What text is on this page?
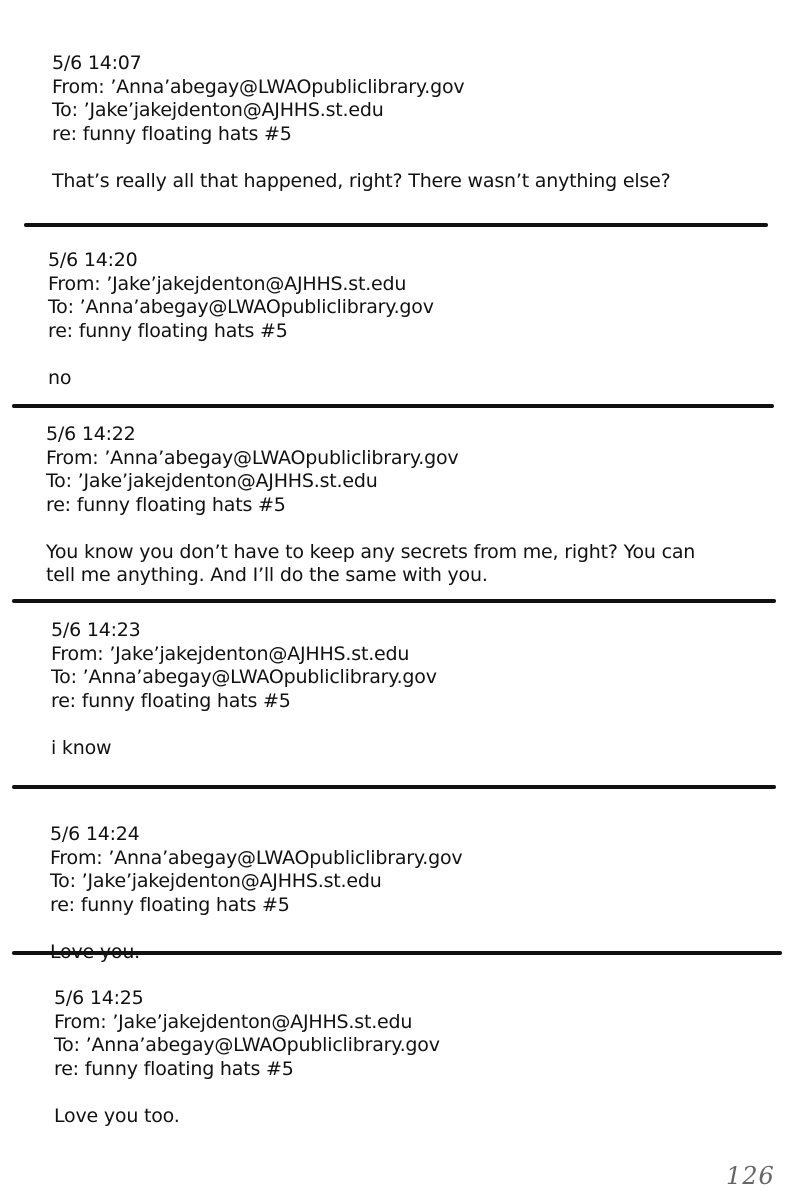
5/6 14:07
From: ’Anna’abegay@LWAOpubliclibrary.gov
To: ’Jake’jakejdenton@AJHHS.st.edu
re: funny floating hats #5
That’s really all that happened, right? There wasn’t anything else?
5/6 14:20
From: ’Jake’jakejdenton@AJHHS.st.edu
To: ’Anna’abegay@LWAOpubliclibrary.gov
re: funny floating hats #5
no
5/6 14:22
From: ’Anna’abegay@LWAOpubliclibrary.gov
To: ’Jake’jakejdenton@AJHHS.st.edu
re: funny floating hats #5
You know you don’t have to keep any secrets from me, right? You can tell me anything. And I’ll do the same with you.
5/6 14:23
From: ’Jake’jakejdenton@AJHHS.st.edu
To: ’Anna’abegay@LWAOpubliclibrary.gov
re: funny floating hats #5
i know
5/6 14:24
From: ’Anna’abegay@LWAOpubliclibrary.gov
To: ’Jake’jakejdenton@AJHHS.st.edu
re: funny floating hats #5
5/6 14:25
From: ’Jake’jakejdenton@AJHHS.st.edu
To: ’Anna’abegay@LWAOpubliclibrary.gov
re: funny floating hats #5
Love you too.
126
